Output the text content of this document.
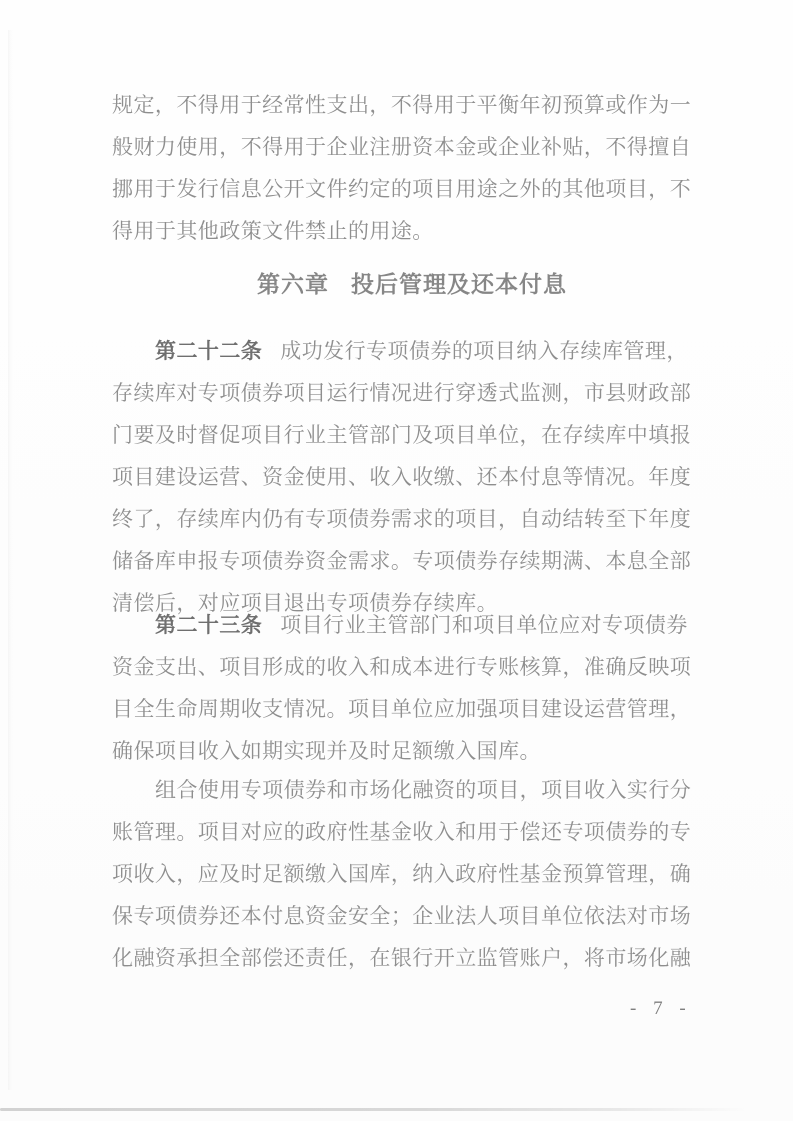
规定，不得用于经常性支出，不得用于平衡年初预算或作为一
般财力使用，不得用于企业注册资本金或企业补贴，不得擅自
挪用于发行信息公开文件约定的项目用途之外的其他项目，不
得用于其他政策文件禁止的用途。
第六章 投后管理及还本付息
第二十二条 成功发行专项债券的项目纳入存续库管理，
存续库对专项债券项目运行情况进行穿透式监测，市县财政部
门要及时督促项目行业主管部门及项目单位，在存续库中填报
项目建设运营、资金使用、收入收缴、还本付息等情况。年度
终了，存续库内仍有专项债券需求的项目，自动结转至下年度
储备库申报专项债券资金需求。专项债券存续期满、本息全部
清偿后，对应项目退出专项债券存续库。
第二十三条 项目行业主管部门和项目单位应对专项债券
资金支出、项目形成的收入和成本进行专账核算，准确反映项
目全生命周期收支情况。项目单位应加强项目建设运营管理，
确保项目收入如期实现并及时足额缴入国库。
组合使用专项债券和市场化融资的项目，项目收入实行分
账管理。项目对应的政府性基金收入和用于偿还专项债券的专
项收入，应及时足额缴入国库，纳入政府性基金预算管理，确
保专项债券还本付息资金安全；企业法人项目单位依法对市场
化融资承担全部偿还责任，在银行开立监管账户，将市场化融
- 7 -
